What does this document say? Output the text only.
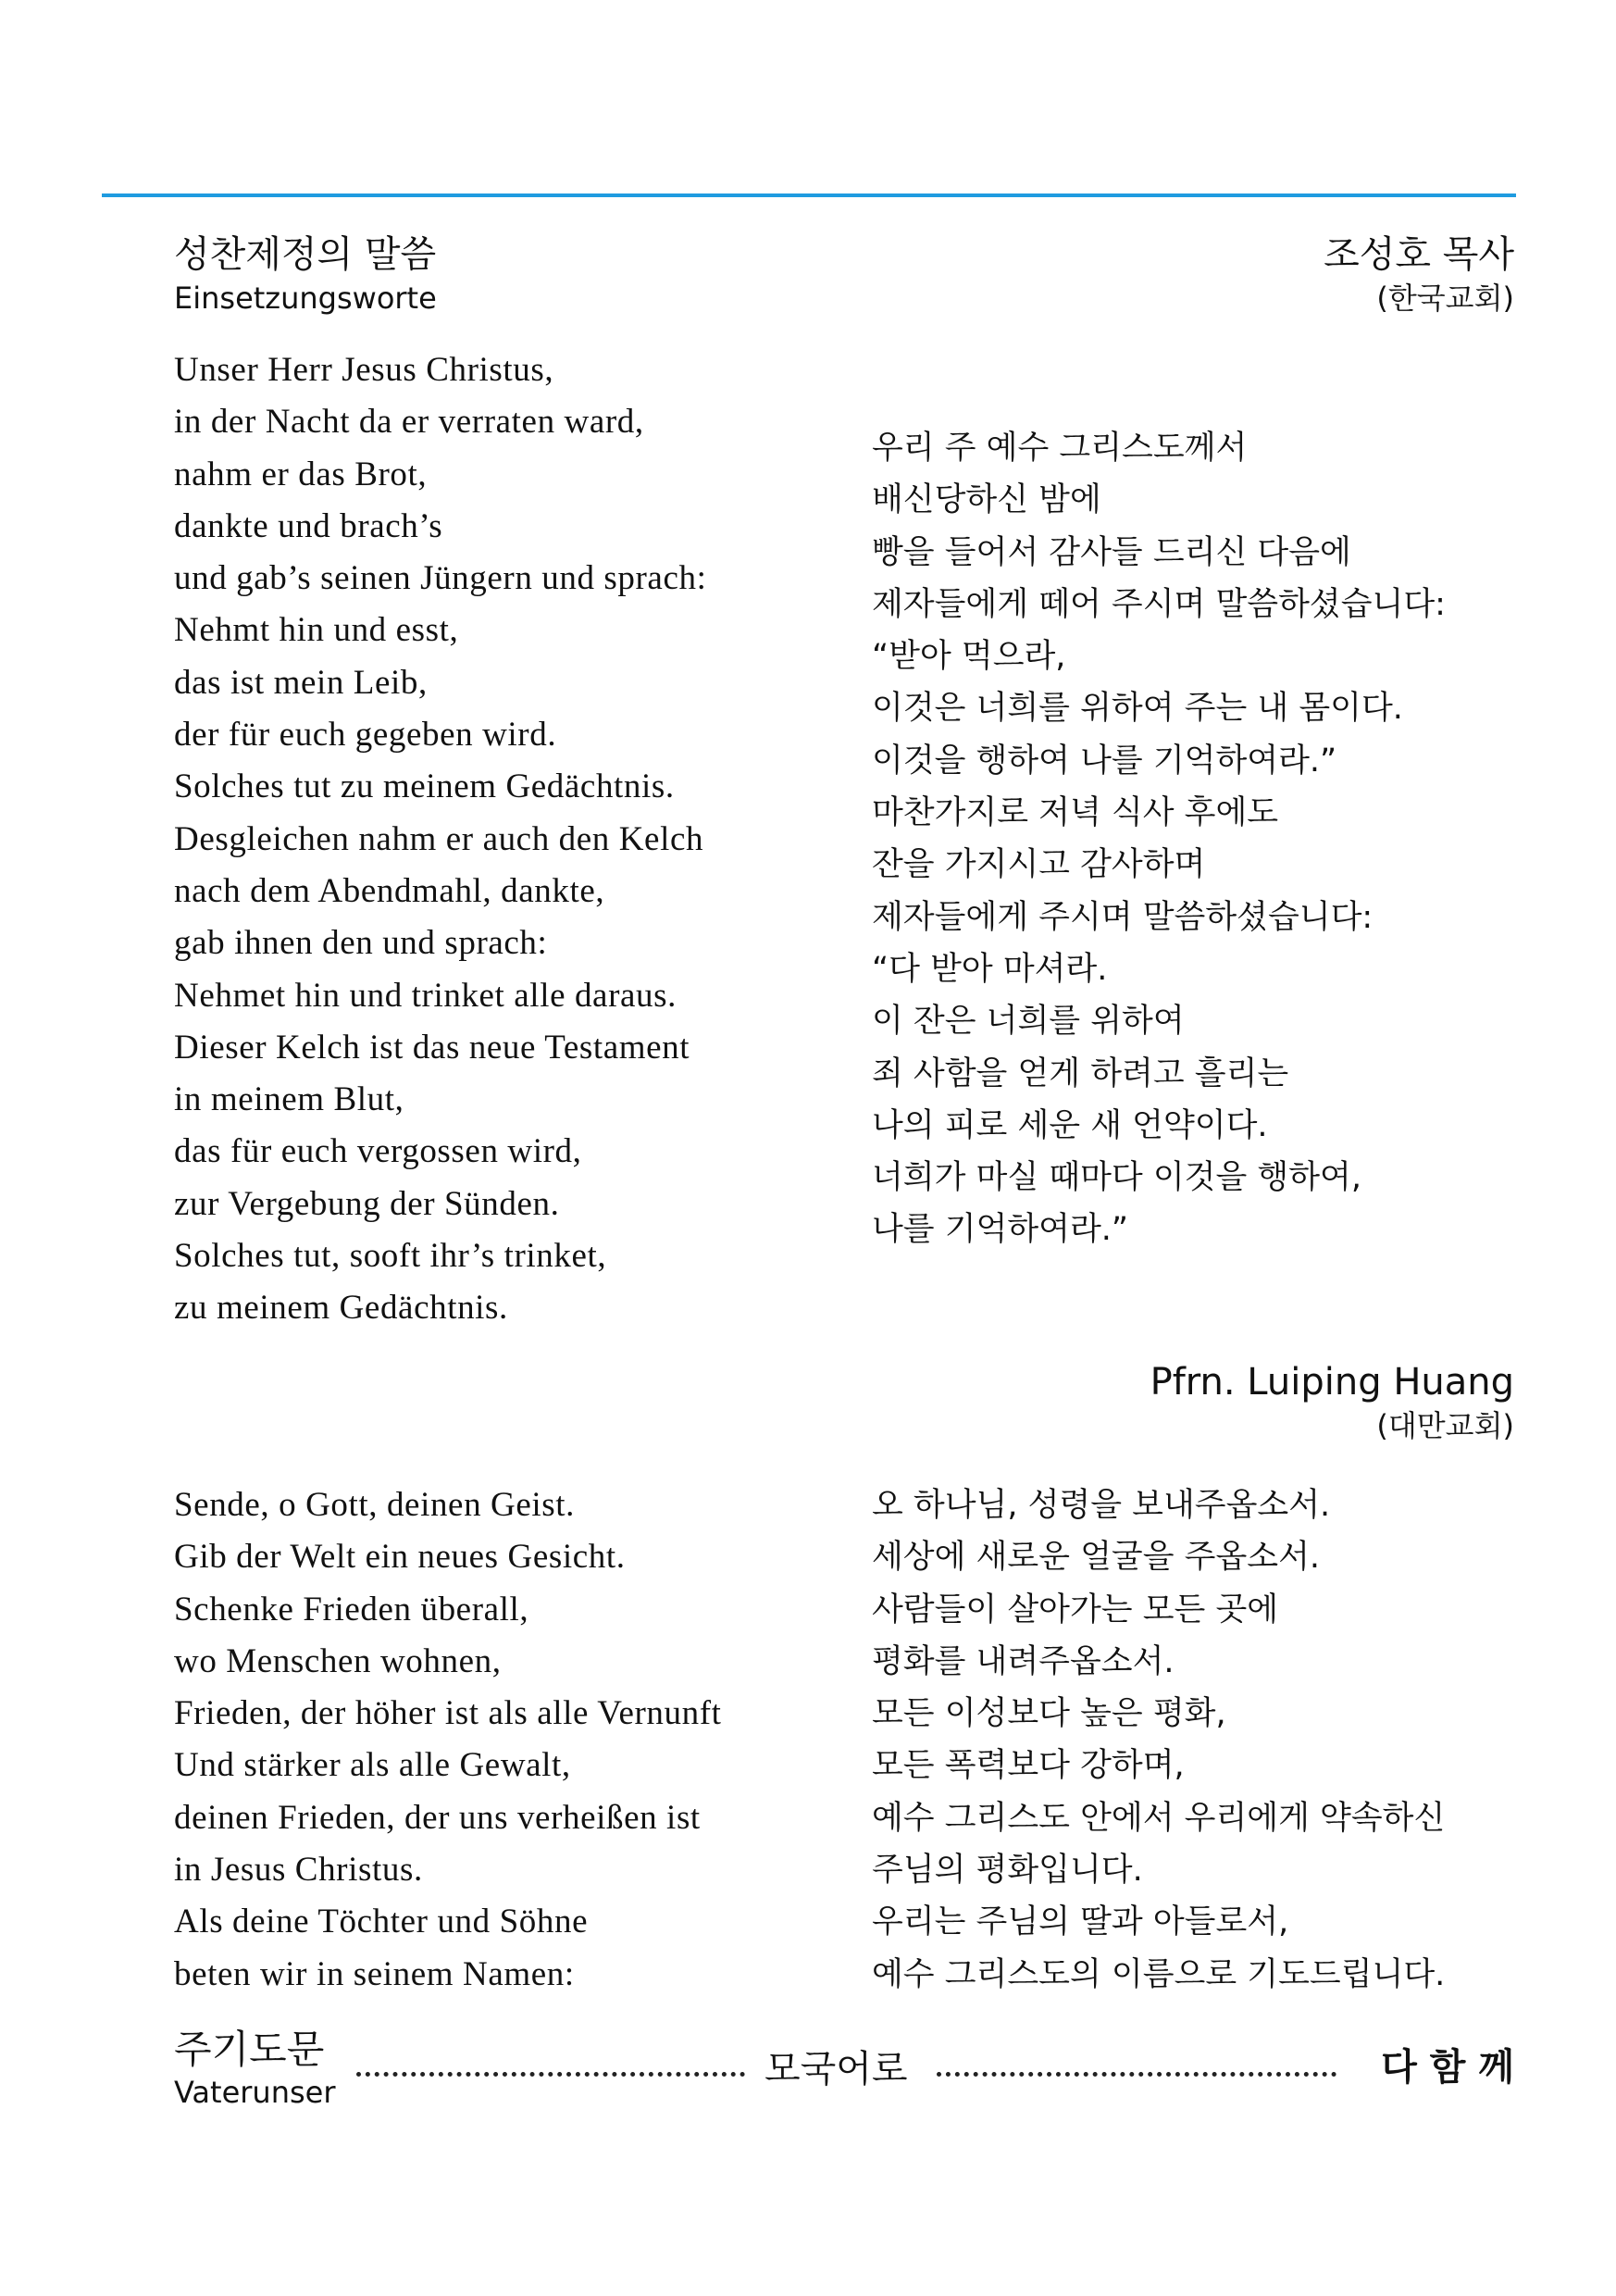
성찬제정의 말씀
Einsetzungsworte
조성호 목사
(한국교회)
Unser Herr Jesus Christus,
in der Nacht da er verraten ward,
nahm er das Brot,
dankte und brach’s
und gab’s seinen Jüngern und sprach:
Nehmt hin und esst,
das ist mein Leib,
der für euch gegeben wird.
Solches tut zu meinem Gedächtnis.
Desgleichen nahm er auch den Kelch
nach dem Abendmahl, dankte,
gab ihnen den und sprach:
Nehmet hin und trinket alle daraus.
Dieser Kelch ist das neue Testament
in meinem Blut,
das für euch vergossen wird,
zur Vergebung der Sünden.
Solches tut, sooft ihr’s trinket,
zu meinem Gedächtnis.
우리 주 예수 그리스도께서
배신당하신 밤에
빵을 들어서 감사들 드리신 다음에
제자들에게 떼어 주시며 말씀하셨습니다:
“받아 먹으라,
이것은 너희를 위하여 주는 내 몸이다.
이것을 행하여 나를 기억하여라.”
마찬가지로 저녁 식사 후에도
잔을 가지시고 감사하며
제자들에게 주시며 말씀하셨습니다:
“다 받아 마셔라.
이 잔은 너희를 위하여
죄 사함을 얻게 하려고 흘리는
나의 피로 세운 새 언약이다.
너희가 마실 때마다 이것을 행하여,
나를 기억하여라.”
Pfrn. Luiping Huang
(대만교회)
Sende, o Gott, deinen Geist.
Gib der Welt ein neues Gesicht.
Schenke Frieden überall,
wo Menschen wohnen,
Frieden, der höher ist als alle Vernunft
Und stärker als alle Gewalt,
deinen Frieden, der uns verheißen ist
in Jesus Christus.
Als deine Töchter und Söhne
beten wir in seinem Namen:
오 하나님, 성령을 보내주옵소서.
세상에 새로운 얼굴을 주옵소서.
사람들이 살아가는 모든 곳에
평화를 내려주옵소서.
모든 이성보다 높은 평화,
모든 폭력보다 강하며,
예수 그리스도 안에서 우리에게 약속하신
주님의 평화입니다.
우리는 주님의 딸과 아들로서,
예수 그리스도의 이름으로 기도드립니다.
주기도문
Vaterunser
모국어로	다 함 께
